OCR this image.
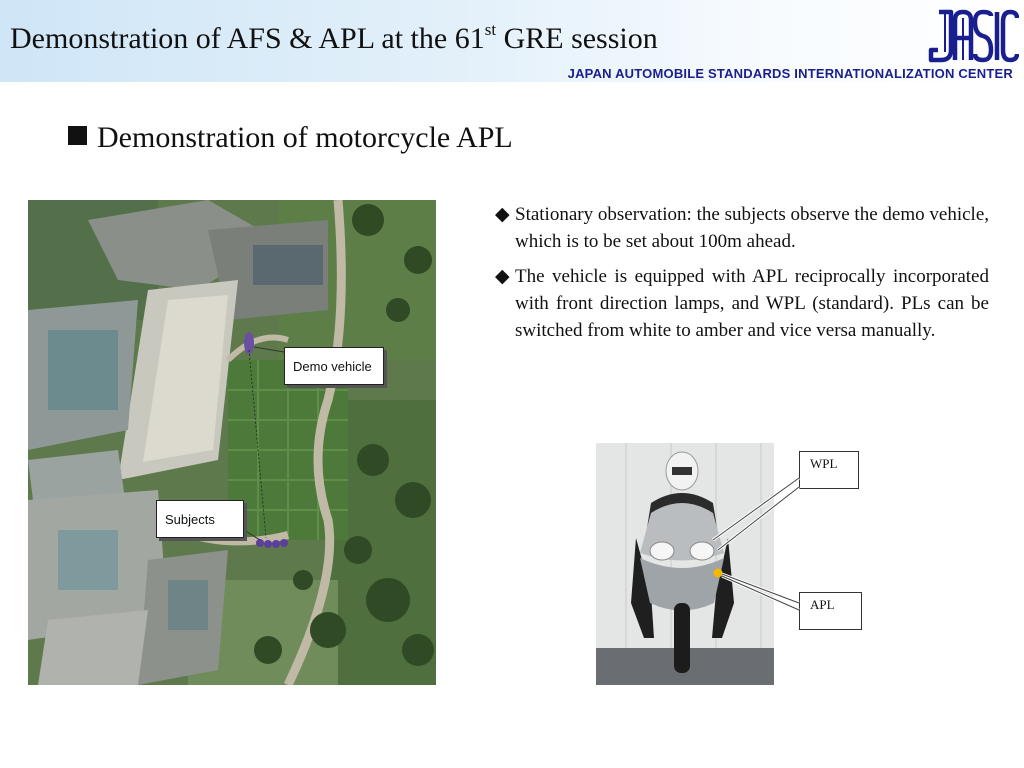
Demonstration of AFS & APL at the 61st GRE session
JAPAN AUTOMOBILE STANDARDS INTERNATIONALIZATION CENTER
Demonstration of motorcycle APL
Demo vehicle
Subjects
◆ Stationary observation: the subjects observe the demo vehicle, which is to be set about 100m ahead.
◆ The vehicle is equipped with APL reciprocally incorporated with front direction lamps, and WPL (standard). PLs can be switched from white to amber and vice versa manually.
WPL
APL
